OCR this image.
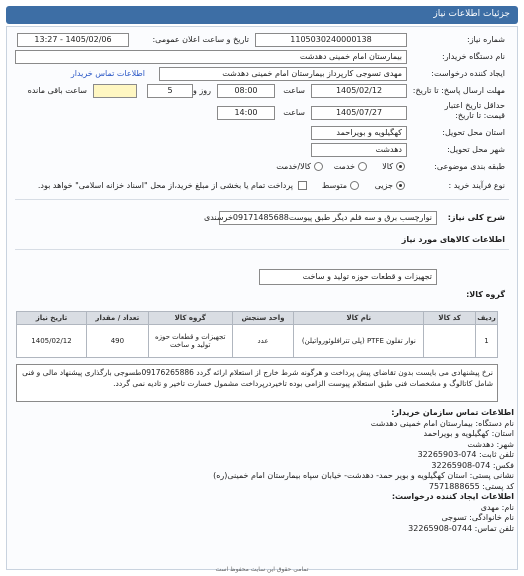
جزئیات اطلاعات نیاز
شماره نیاز:
1105030240000138
تاریخ و ساعت اعلان عمومی:
1405/02/06 - 13:27
نام دستگاه خریدار:
بیمارستان امام خمینی دهدشت
ایجاد کننده درخواست:
مهدی تسوجی کارپرداز بیمارستان امام خمینی دهدشت
اطلاعات تماس خریدار
مهلت ارسال پاسخ: تا تاریخ:
1405/02/12
ساعت
08:00
5	روز و
ساعت باقی مانده
حداقل تاریخ اعتبار
قیمت: تا تاریخ:
1405/07/27
ساعت
14:00
استان محل تحویل:
کهگیلویه و بویراحمد
شهر محل تحویل:
دهدشت
طبقه بندی موضوعی:
کالا
خدمت
کالا/خدمت
نوع فرآیند خرید :
جزیی
متوسط
پرداخت تمام یا بخشی از مبلغ خرید،از محل "اسناد خزانه اسلامی" خواهد بود.
شرح کلی نیاز:
نوارچسب برق و سه فلم دیگر طبق پیوست09171485688خرسندی
اطلاعات کالاهای مورد نیاز
گروه کالا:
تجهیزات و قطعات حوزه تولید و ساخت
ردیف	کد کالا	نام کالا	واحد سنجش	گروه کالا	تعداد / مقدار	تاریخ نیاز
1		نوار تفلون PTFE (پلی تترافلوئورواتیلن)	عدد	تجهیزات و قطعات حوزه تولید و ساخت	490	1405/02/12
نرخ پیشنهادی می بایست بدون تقاضای پیش پرداخت و هرگونه شرط خارج از استعلام ارائه گردد 09176265886طسوجی بارگذاری پیشنهاد مالی و فنی شامل کاتالوگ و مشخصات فنی طبق استعلام پیوست الزامی بوده تاخیردرپرداخت مشمول خسارت تاخیر و تادیه نمی گردد.
اطلاعات تماس سازمان خریدار:
نام دستگاه: بیمارستان امام خمینی دهدشت
استان: کهگیلویه و بویراحمد
شهر: دهدشت
تلفن ثابت: 074-32265903
فکس: 074-32265908
نشانی پستی: استان کهگیلویه و بویر حمد- دهدشت- خیابان سپاه بیمارستان امام خمینی(ره)
کد پستی: 7571888655
اطلاعات ایجاد کننده درخواست:
نام: مهدی
نام خانوادگی: تسوجی
تلفن تماس: 0744-32265908
تمامی حقوق این سایت محفوظ است
